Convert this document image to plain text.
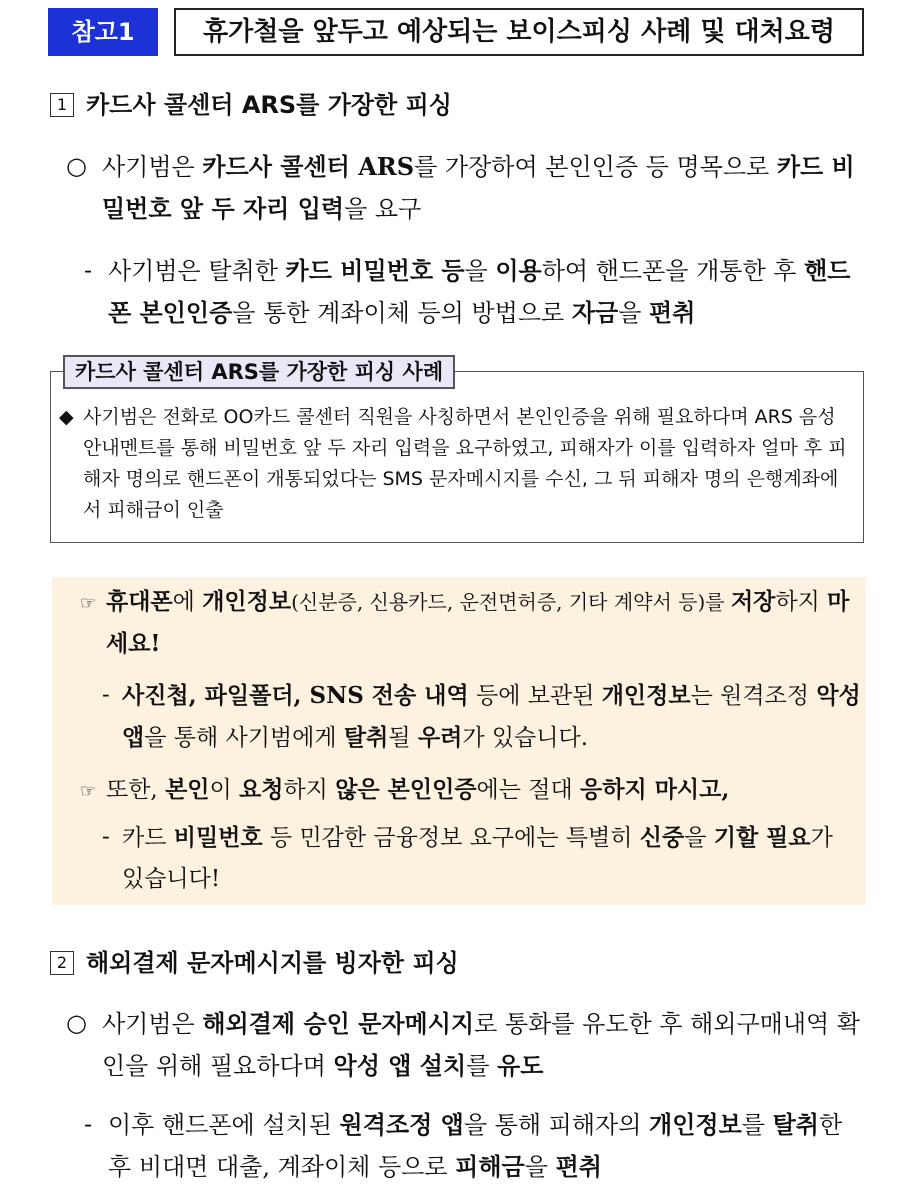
참고1	휴가철을 앞두고 예상되는 보이스피싱 사례 및 대처요령
1 카드사 콜센터 ARS를 가장한 피싱
○ 사기범은 카드사 콜센터 ARS를 가장하여 본인인증 등 명목으로 카드 비밀번호 앞 두 자리 입력을 요구
- 사기범은 탈취한 카드 비밀번호 등을 이용하여 핸드폰을 개통한 후 핸드폰 본인인증을 통한 계좌이체 등의 방법으로 자금을 편취
카드사 콜센터 ARS를 가장한 피싱 사례
◆ 사기범은 전화로 OO카드 콜센터 직원을 사칭하면서 본인인증을 위해 필요하다며 ARS 음성 안내멘트를 통해 비밀번호 앞 두 자리 입력을 요구하였고, 피해자가 이를 입력하자 얼마 후 피해자 명의로 핸드폰이 개통되었다는 SMS 문자메시지를 수신, 그 뒤 피해자 명의 은행계좌에서 피해금이 인출
☞ 휴대폰에 개인정보(신분증, 신용카드, 운전면허증, 기타 계약서 등)를 저장하지 마세요!
- 사진첩, 파일폴더, SNS 전송 내역 등에 보관된 개인정보는 원격조정 악성앱을 통해 사기범에게 탈취될 우려가 있습니다.
☞ 또한, 본인이 요청하지 않은 본인인증에는 절대 응하지 마시고,
- 카드 비밀번호 등 민감한 금융정보 요구에는 특별히 신중을 기할 필요가 있습니다!
2 해외결제 문자메시지를 빙자한 피싱
○ 사기범은 해외결제 승인 문자메시지로 통화를 유도한 후 해외구매내역 확인을 위해 필요하다며 악성 앱 설치를 유도
- 이후 핸드폰에 설치된 원격조정 앱을 통해 피해자의 개인정보를 탈취한 후 비대면 대출, 계좌이체 등으로 피해금을 편취
